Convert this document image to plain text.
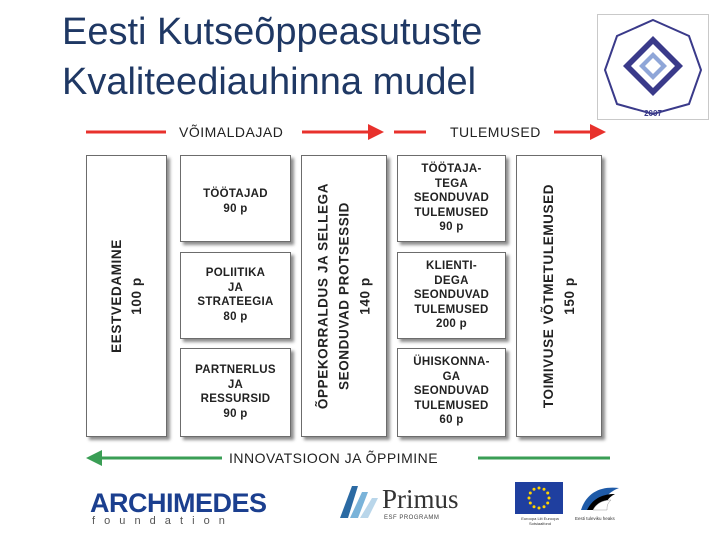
Eesti Kutseõppeasutuste
Kvaliteediauhinna mudel
2007
VÕIMALDAJAD	TULEMUSED
EESTVEDAMINE 100 p
TÖÖTAJAD
90 p
POLIITIKA
JA
STRATEEGIA
80 p
PARTNERLUS
JA
RESSURSID
90 p
ÕPPEKORRALDUS JA SELLEGA SEONDUVAD PROTSESSID 140 p
TÖÖTAJA-
TEGA
SEONDUVAD
TULEMUSED
90 p
KLIENTI-
DEGA
SEONDUVAD
TULEMUSED
200 p
ÜHISKONNA-
GA
SEONDUVAD
TULEMUSED
60 p
TOIMIVUSE VÕTMETULEMUSED 150 p
INNOVATSIOON JA ÕPPIMINE
ARCHIMEDES
f o u n d a t i o n
Primus
ESF PROGRAMM	Euroopa Liit Euroopa Sotsiaalfond
Eesti tuleviku heaks
